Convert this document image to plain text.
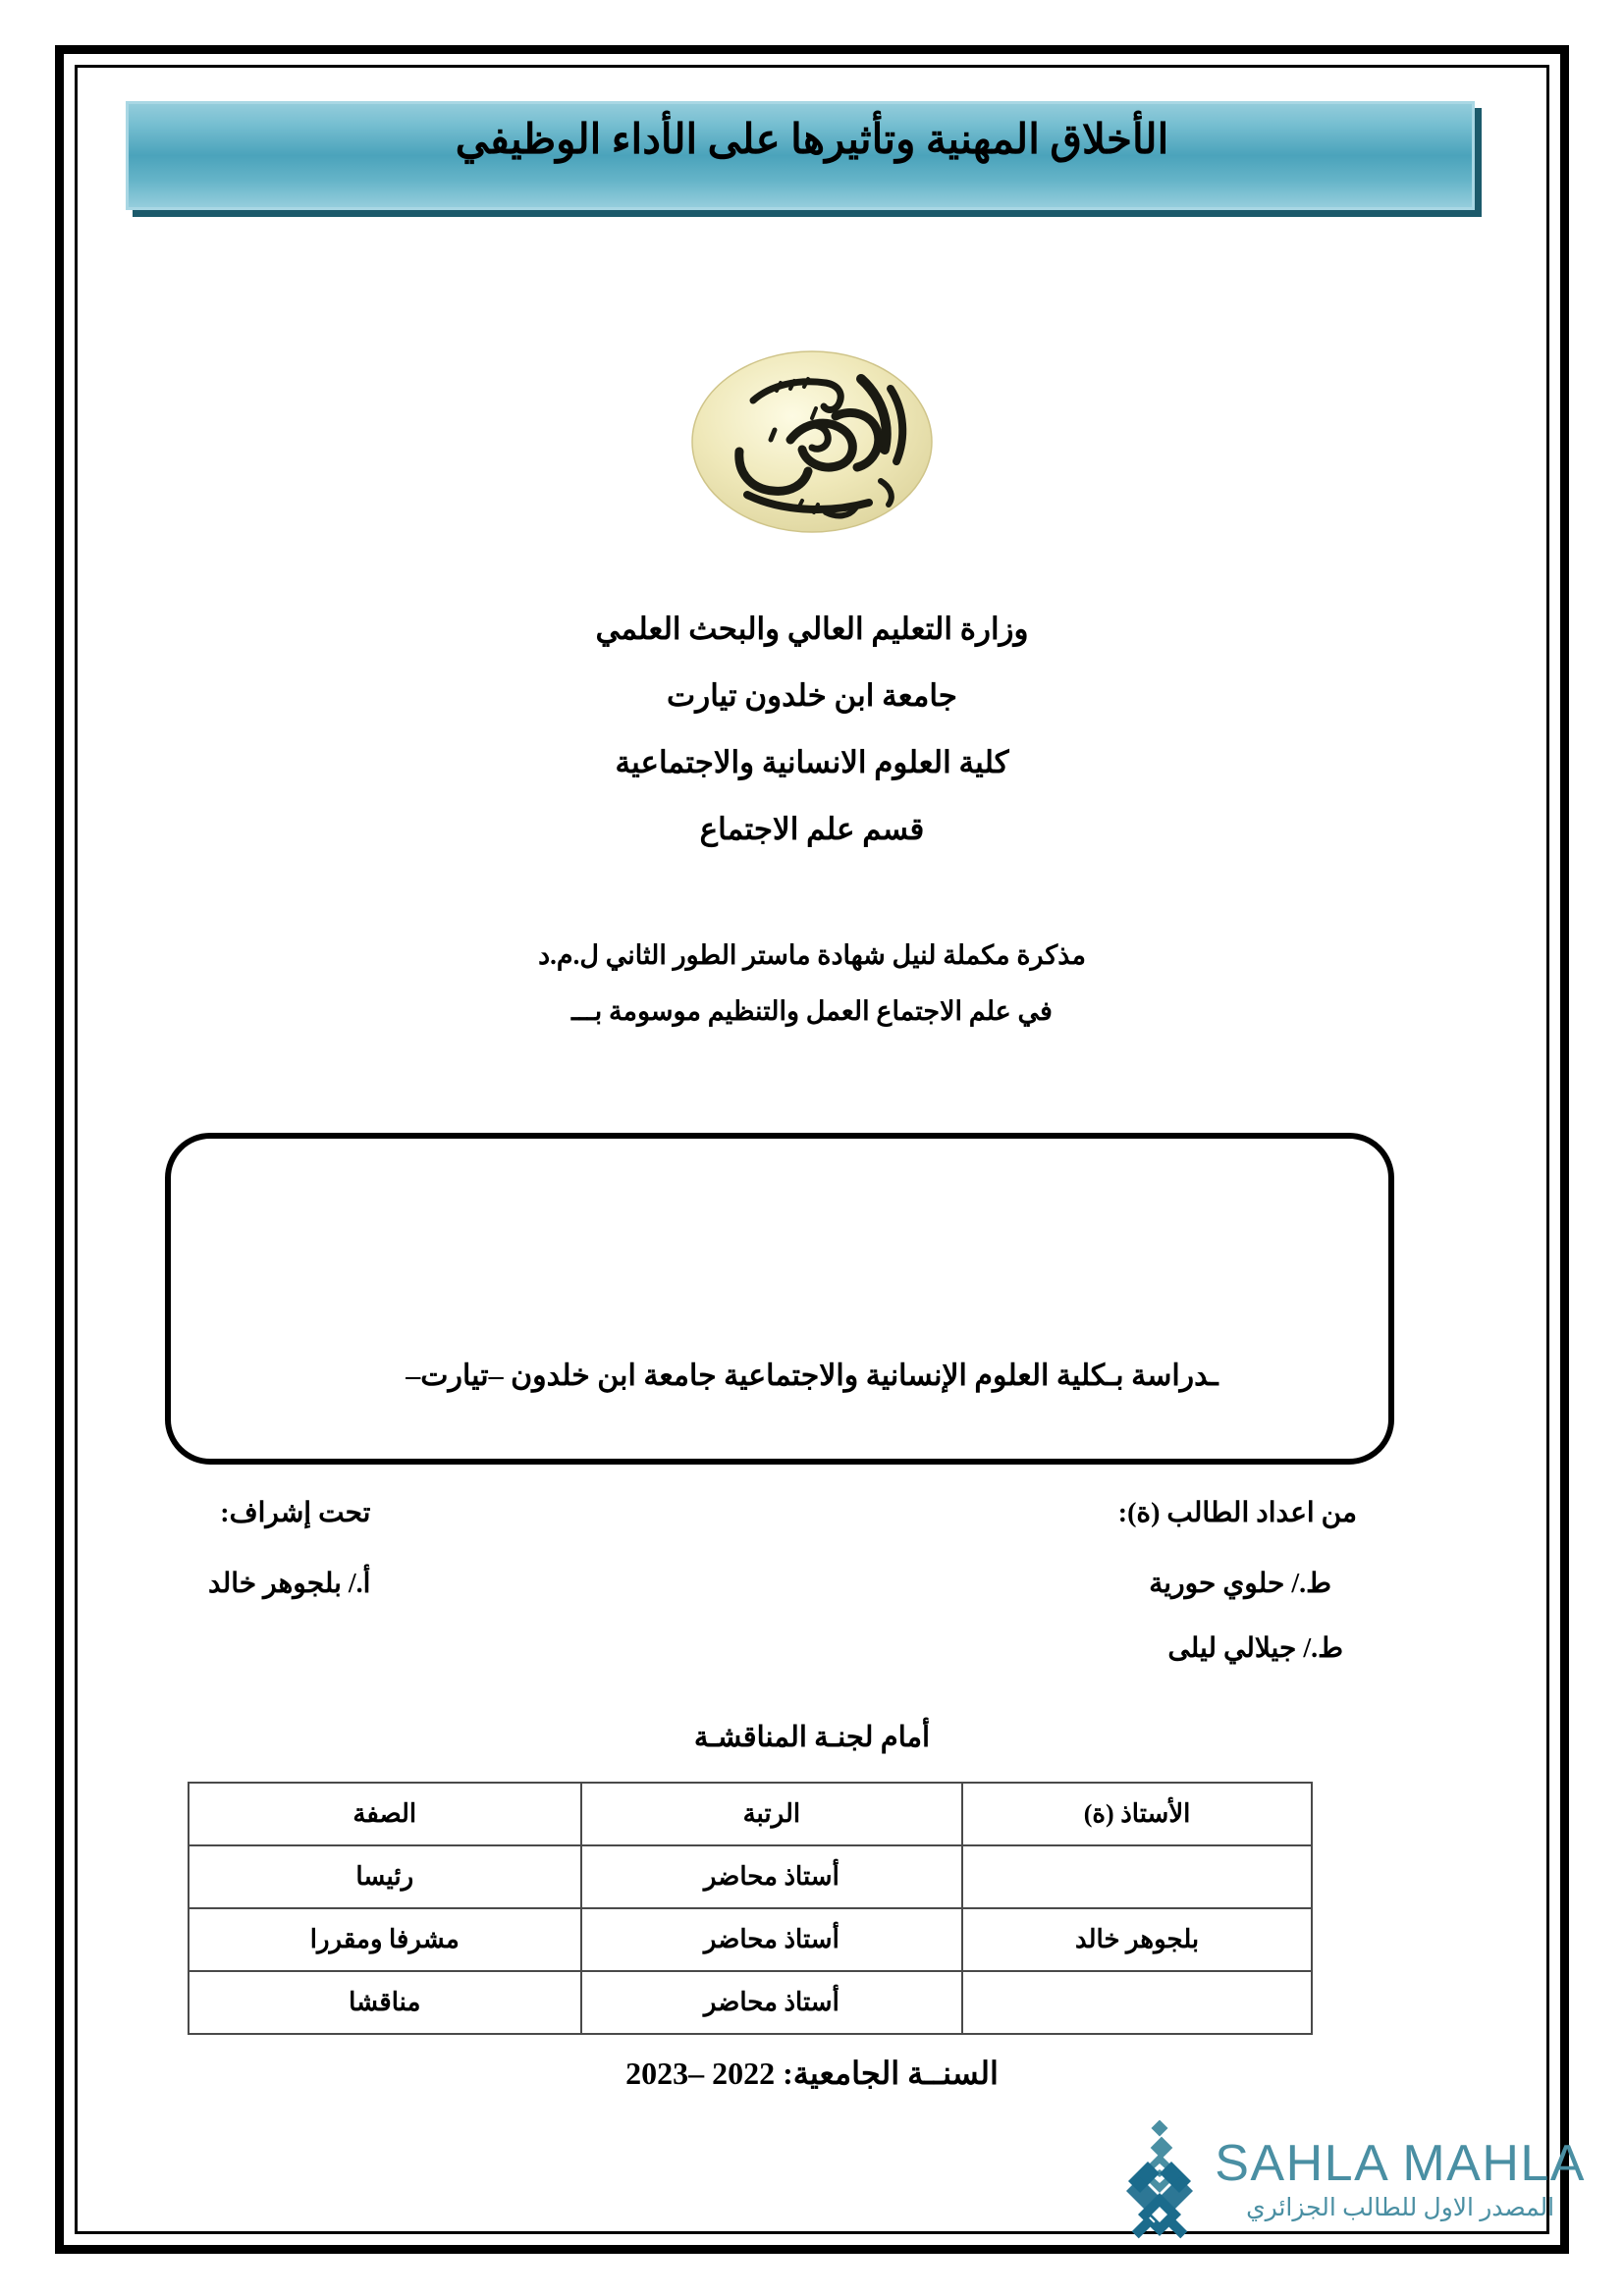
وزارة التعليم العالي والبحث العلمي
جامعة ابن خلدون تيارت
كلية العلوم الانسانية والاجتماعية
قسم علم الاجتماع
مذكرة مكملة لنيل شهادة ماستر الطور الثاني ل.م.د
في علم الاجتماع العمل والتنظيم موسومة بـــ
الأخلاق المهنية وتأثيرها على الأداء الوظيفي
ـدراسة بـكلية العلوم الإنسانية والاجتماعية جامعة ابن خلدون –تيارت–
من اعداد الطالب (ة):
ط./ حلوي حورية
ط./ جيلالي ليلى
تحت إشراف:
أ./ بلجوهر خالد
أمام لجنـة المناقشـة
الأستاذ (ة)	الرتبة	الصفة
	أستاذ محاضر	رئيسا
بلجوهر خالد	أستاذ محاضر	مشرفا ومقررا
	أستاذ محاضر	مناقشا
السنــة الجامعية: 2022 –2023
SAHLA MAHLA
المصدر الاول للطالب الجزائري
